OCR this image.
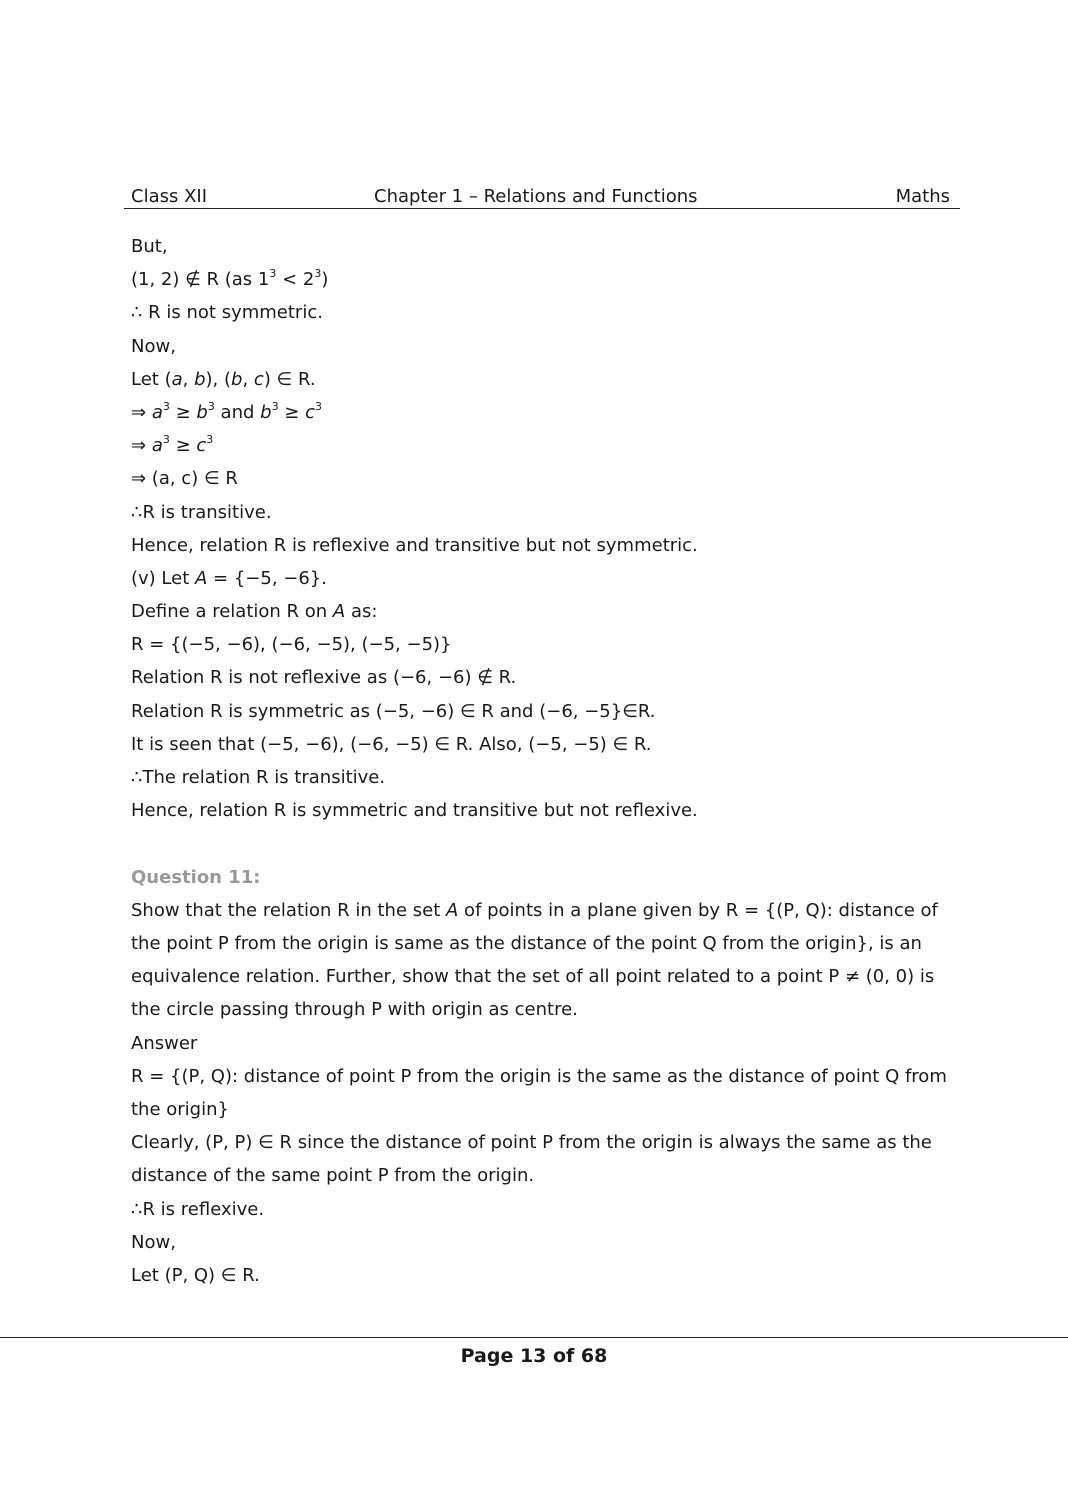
Class XII	Chapter 1 – Relations and Functions	Maths
But,
(1, 2) ∉ R (as $1^3 < 2^3$)
∴ R is not symmetric.
Now,
Let (a, b), (b, c) ∈ R.
⇒ $a^3 \ge b^3$ and $b^3 \ge c^3$
⇒ $a^3 \ge c^3$
⇒ (a, c) ∈ R
∴R is transitive.
Hence, relation R is reflexive and transitive but not symmetric.
(v) Let A = {−5, −6}.
Define a relation R on A as:
R = {(−5, −6), (−6, −5), (−5, −5)}
Relation R is not reflexive as (−6, −6) ∉ R.
Relation R is symmetric as (−5, −6) ∈ R and (−6, −5}∈R.
It is seen that (−5, −6), (−6, −5) ∈ R. Also, (−5, −5) ∈ R.
∴The relation R is transitive.
Hence, relation R is symmetric and transitive but not reflexive.
Question 11:
Show that the relation R in the set A of points in a plane given by R = {(P, Q): distance of the point P from the origin is same as the distance of the point Q from the origin}, is an equivalence relation. Further, show that the set of all point related to a point P ≠ (0, 0) is the circle passing through P with origin as centre.
Answer
R = {(P, Q): distance of point P from the origin is the same as the distance of point Q from the origin}
Clearly, (P, P) ∈ R since the distance of point P from the origin is always the same as the distance of the same point P from the origin.
∴R is reflexive.
Now,
Let (P, Q) ∈ R.
Page 13 of 68
